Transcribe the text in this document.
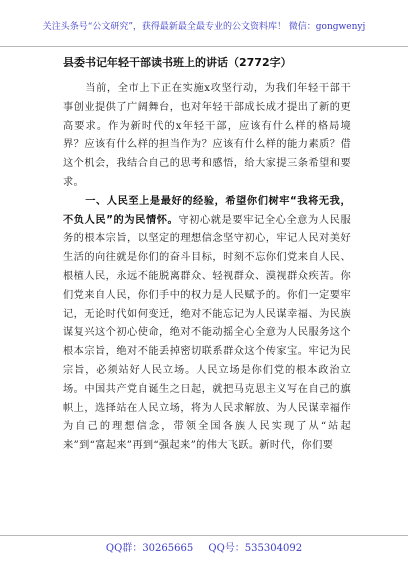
关注头条号“公文研究”，获得最新最全最专业的公文资料库！ 微信：gongwenyj
县委书记年轻干部读书班上的讲话（2772字）

当前，全市上下正在实施x攻坚行动，为我们年轻干部干事创业提供了广阔舞台，也对年轻干部成长成才提出了新的更高要求。作为新时代的x年轻干部，应该有什么样的格局境界？应该有什么样的担当作为？应该有什么样的能力素质？借这个机会，我结合自己的思考和感悟，给大家提三条希望和要求。

一、人民至上是最好的经验，希望你们树牢“我将无我，不负人民”的为民情怀。守初心就是要牢记全心全意为人民服务的根本宗旨，以坚定的理想信念坚守初心，牢记人民对美好生活的向往就是你们的奋斗目标，时刻不忘你们党来自人民、根植人民，永远不能脱离群众、轻视群众、漠视群众疾苦。你们党来自人民，你们手中的权力是人民赋予的。你们一定要牢记，无论时代如何变迁，绝对不能忘记为人民谋幸福、为民族谋复兴这个初心使命，绝对不能动摇全心全意为人民服务这个根本宗旨，绝对不能丢掉密切联系群众这个传家宝。牢记为民宗旨，必须站好人民立场。人民立场是你们党的根本政治立场。中国共产党自诞生之日起，就把马克思主义写在自己的旗帜上，选择站在人民立场，将为人民求解放、为人民谋幸福作为自己的理想信念，带领全国各族人民实现了从“站起来”到“富起来”再到“强起来”的伟大飞跃。新时代，你们要

QQ群：30265665 QQ号：535304092
